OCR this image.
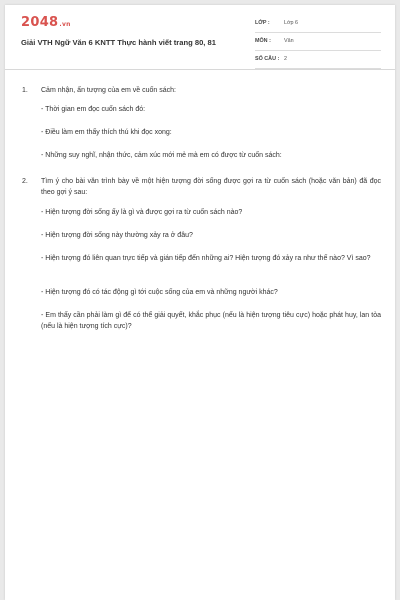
2048.vn
Giải VTH Ngữ Văn 6 KNTT Thực hành viết trang 80, 81
LỚP :	Lớp 6
MÔN : Văn
SỐ CÂU : 2
1. Cảm nhận, ấn tượng của em về cuốn sách:
- Thời gian em đọc cuốn sách đó:
- Điều làm em thấy thích thú khi đọc xong:
- Những suy nghĩ, nhận thức, cảm xúc mới mẻ mà em có được từ cuốn sách:
2. Tìm ý cho bài văn trình bày về một hiện tượng đời sống được gợi ra từ cuốn sách (hoặc văn bản) đã đọc theo gợi ý sau:
- Hiện tượng đời sống ấy là gì và được gợi ra từ cuốn sách nào?
- Hiện tượng đời sống này thường xảy ra ở đâu?
- Hiện tượng đó liên quan trực tiếp và gián tiếp đến những ai? Hiện tượng đó xảy ra như thế nào? Vì sao?
- Hiện tượng đó có tác động gì tới cuộc sống của em và những người khác?
- Em thấy cần phải làm gì để có thể giải quyết, khắc phục (nếu là hiện tượng tiêu cực) hoặc phát huy, lan tỏa (nếu là hiện tượng tích cực)?
